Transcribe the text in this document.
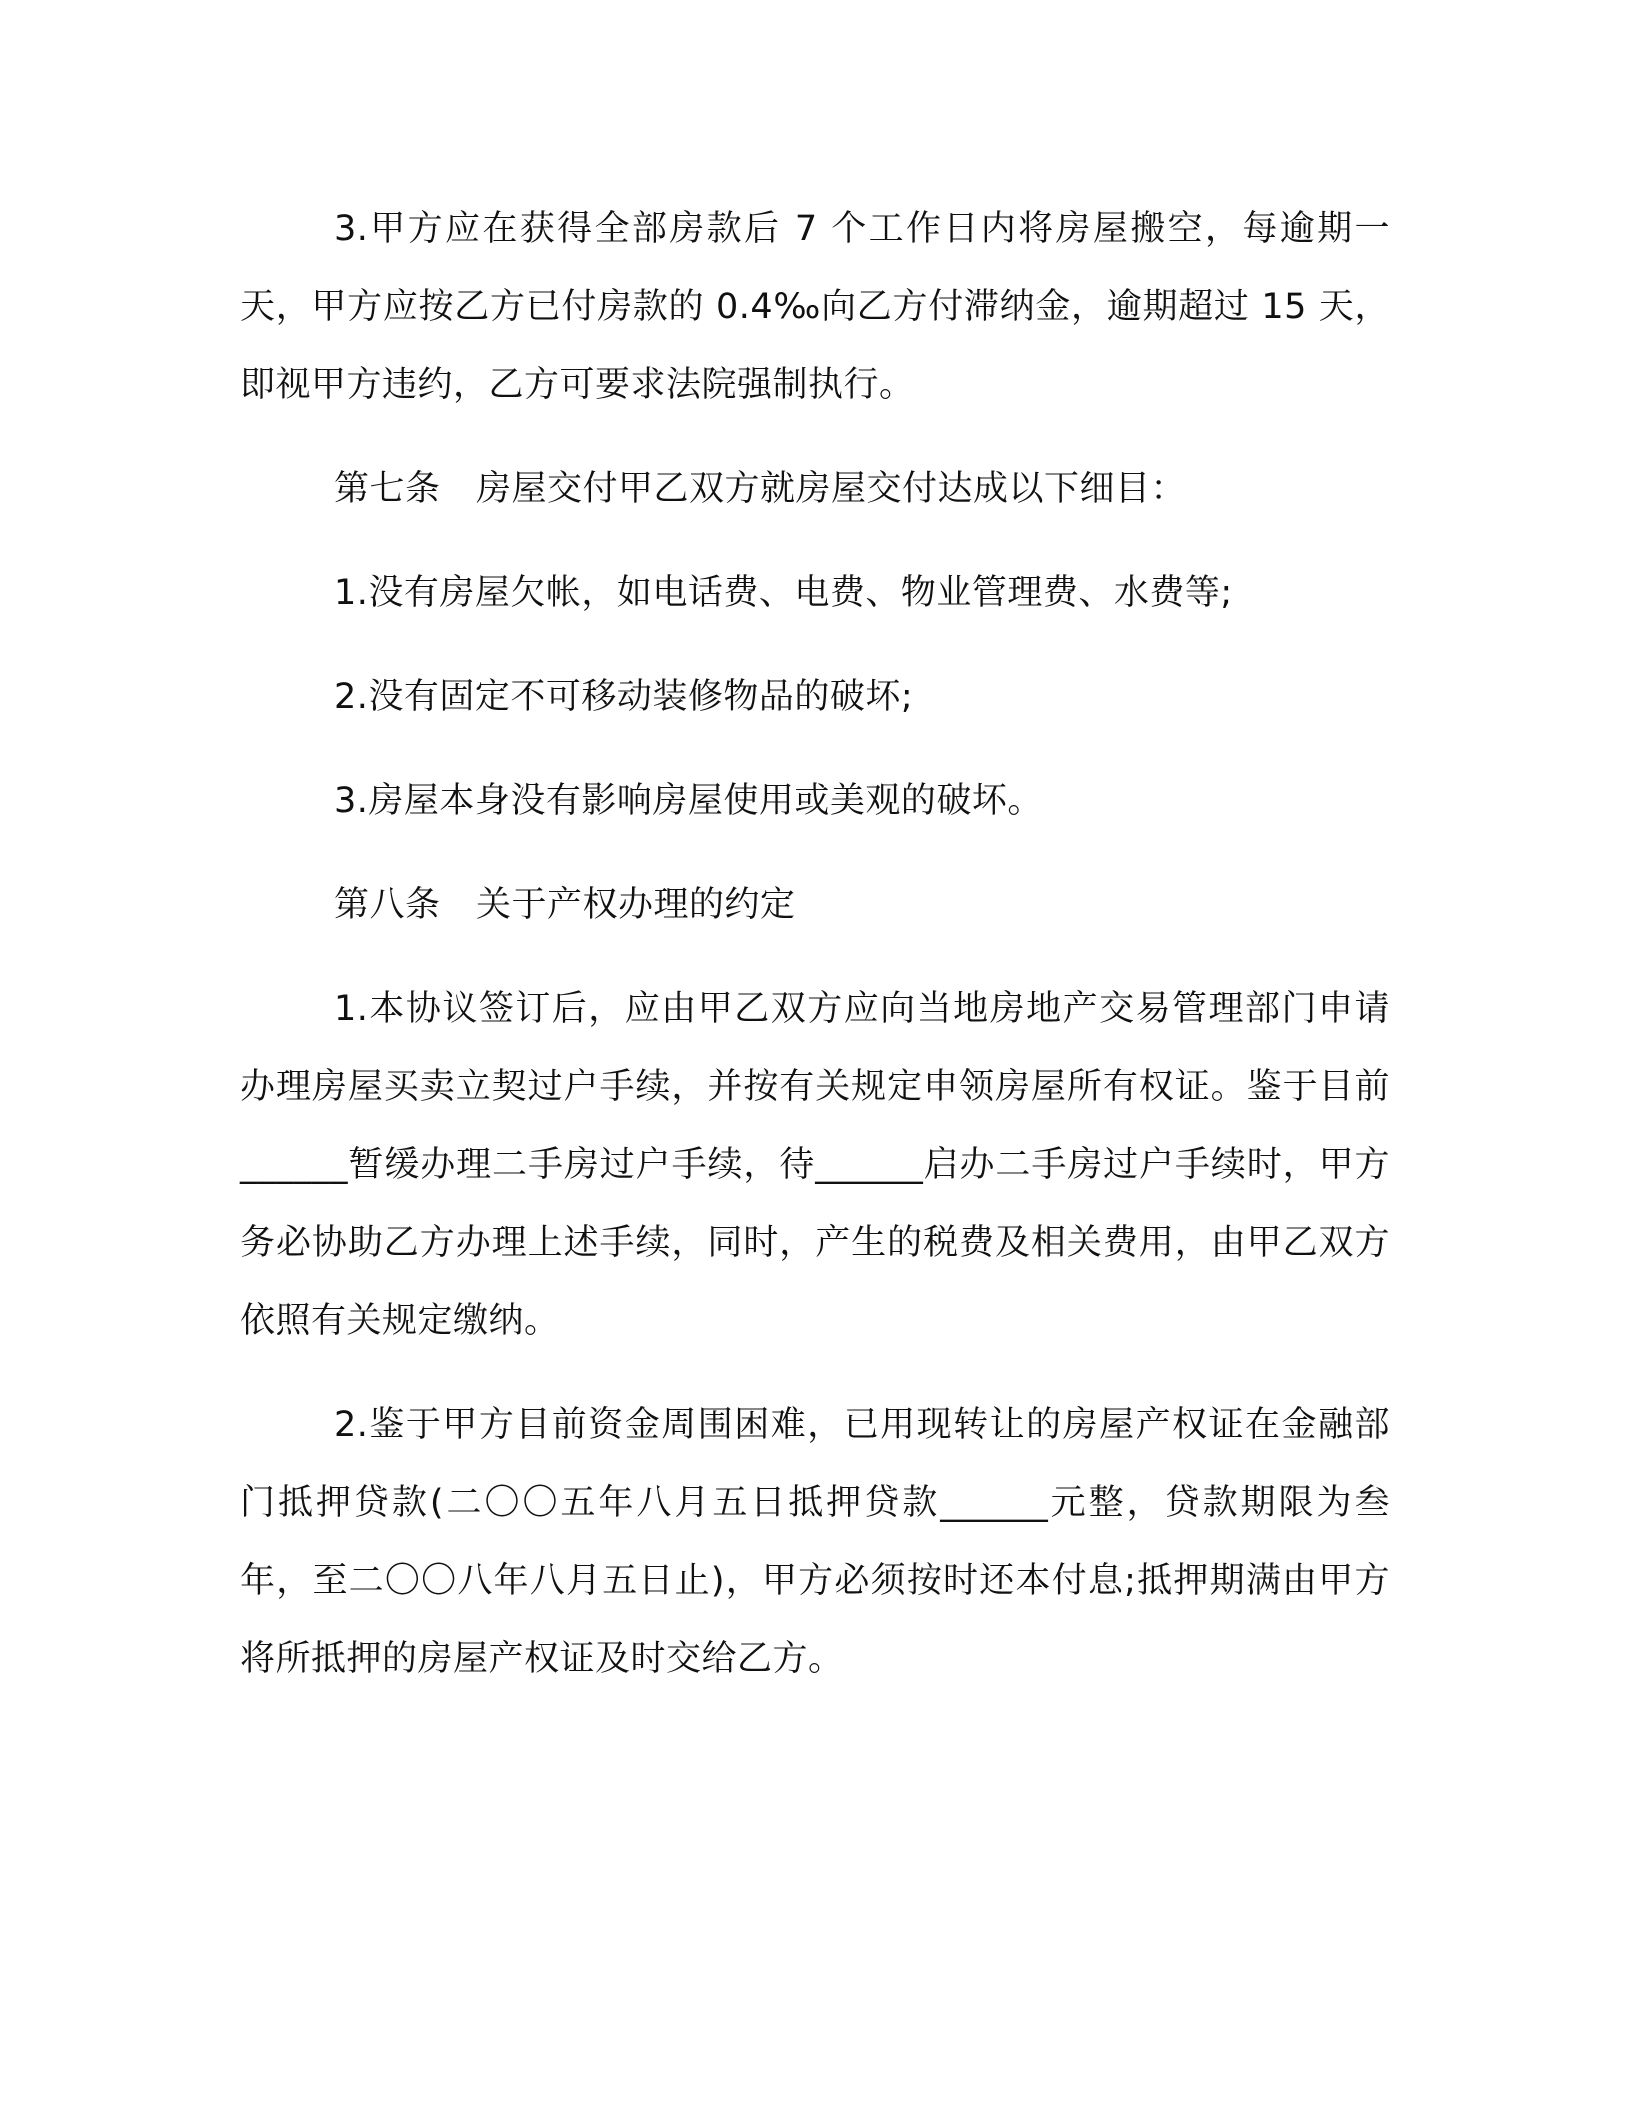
3.甲方应在获得全部房款后 7 个工作日内将房屋搬空，每逾期一天，甲方应按乙方已付房款的 0.4‰向乙方付滞纳金，逾期超过 15 天，即视甲方违约，乙方可要求法院强制执行。

第七条　房屋交付甲乙双方就房屋交付达成以下细目：

1.没有房屋欠帐，如电话费、电费、物业管理费、水费等;

2.没有固定不可移动装修物品的破坏;

3.房屋本身没有影响房屋使用或美观的破坏。

第八条　关于产权办理的约定

1.本协议签订后，应由甲乙双方应向当地房地产交易管理部门申请办理房屋买卖立契过户手续，并按有关规定申领房屋所有权证。鉴于目前______暂缓办理二手房过户手续，待______启办二手房过户手续时，甲方务必协助乙方办理上述手续，同时，产生的税费及相关费用，由甲乙双方依照有关规定缴纳。

2.鉴于甲方目前资金周围困难，已用现转让的房屋产权证在金融部门抵押贷款(二〇〇五年八月五日抵押贷款______元整，贷款期限为叁年，至二〇〇八年八月五日止)，甲方必须按时还本付息;抵押期满由甲方将所抵押的房屋产权证及时交给乙方。
